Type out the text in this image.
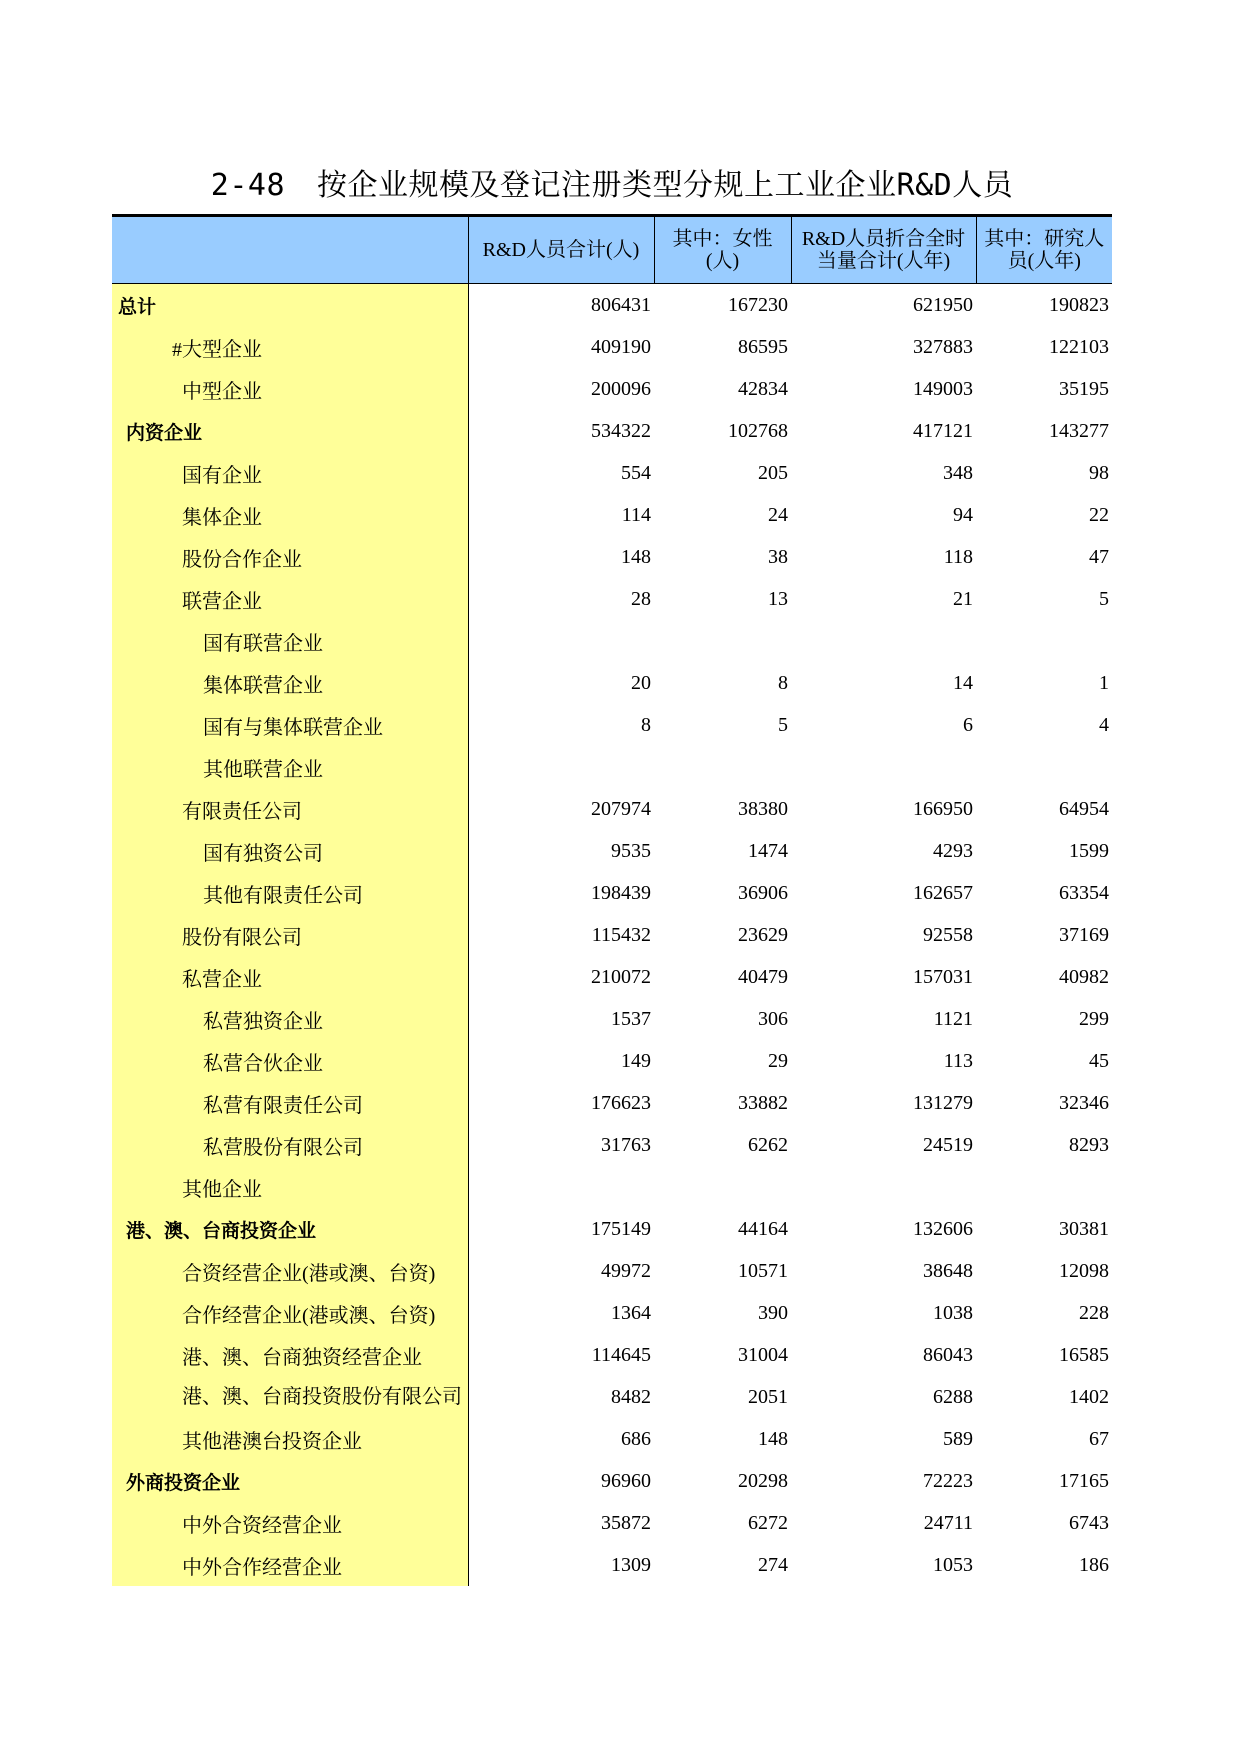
2-48 按企业规模及登记注册类型分规上工业企业R&D人员
	R&D人员合计(人)	其中：女性(人)	R&D人员折合全时当量合计(人年)	其中：研究人员(人年)
总计	806431	167230	621950	190823
#大型企业	409190	86595	327883	122103
中型企业	200096	42834	149003	35195
内资企业	534322	102768	417121	143277
国有企业	554	205	348	98
集体企业	114	24	94	22
股份合作企业	148	38	118	47
联营企业	28	13	21	5
国有联营企业				
集体联营企业	20	8	14	1
国有与集体联营企业	8	5	6	4
其他联营企业				
有限责任公司	207974	38380	166950	64954
国有独资公司	9535	1474	4293	1599
其他有限责任公司	198439	36906	162657	63354
股份有限公司	115432	23629	92558	37169
私营企业	210072	40479	157031	40982
私营独资企业	1537	306	1121	299
私营合伙企业	149	29	113	45
私营有限责任公司	176623	33882	131279	32346
私营股份有限公司	31763	6262	24519	8293
其他企业				
港、澳、台商投资企业	175149	44164	132606	30381
合资经营企业(港或澳、台资)	49972	10571	38648	12098
合作经营企业(港或澳、台资)	1364	390	1038	228
港、澳、台商独资经营企业	114645	31004	86043	16585
港、澳、台商投资股份有限公司	8482	2051	6288	1402
其他港澳台投资企业	686	148	589	67
外商投资企业	96960	20298	72223	17165
中外合资经营企业	35872	6272	24711	6743
中外合作经营企业	1309	274	1053	186
